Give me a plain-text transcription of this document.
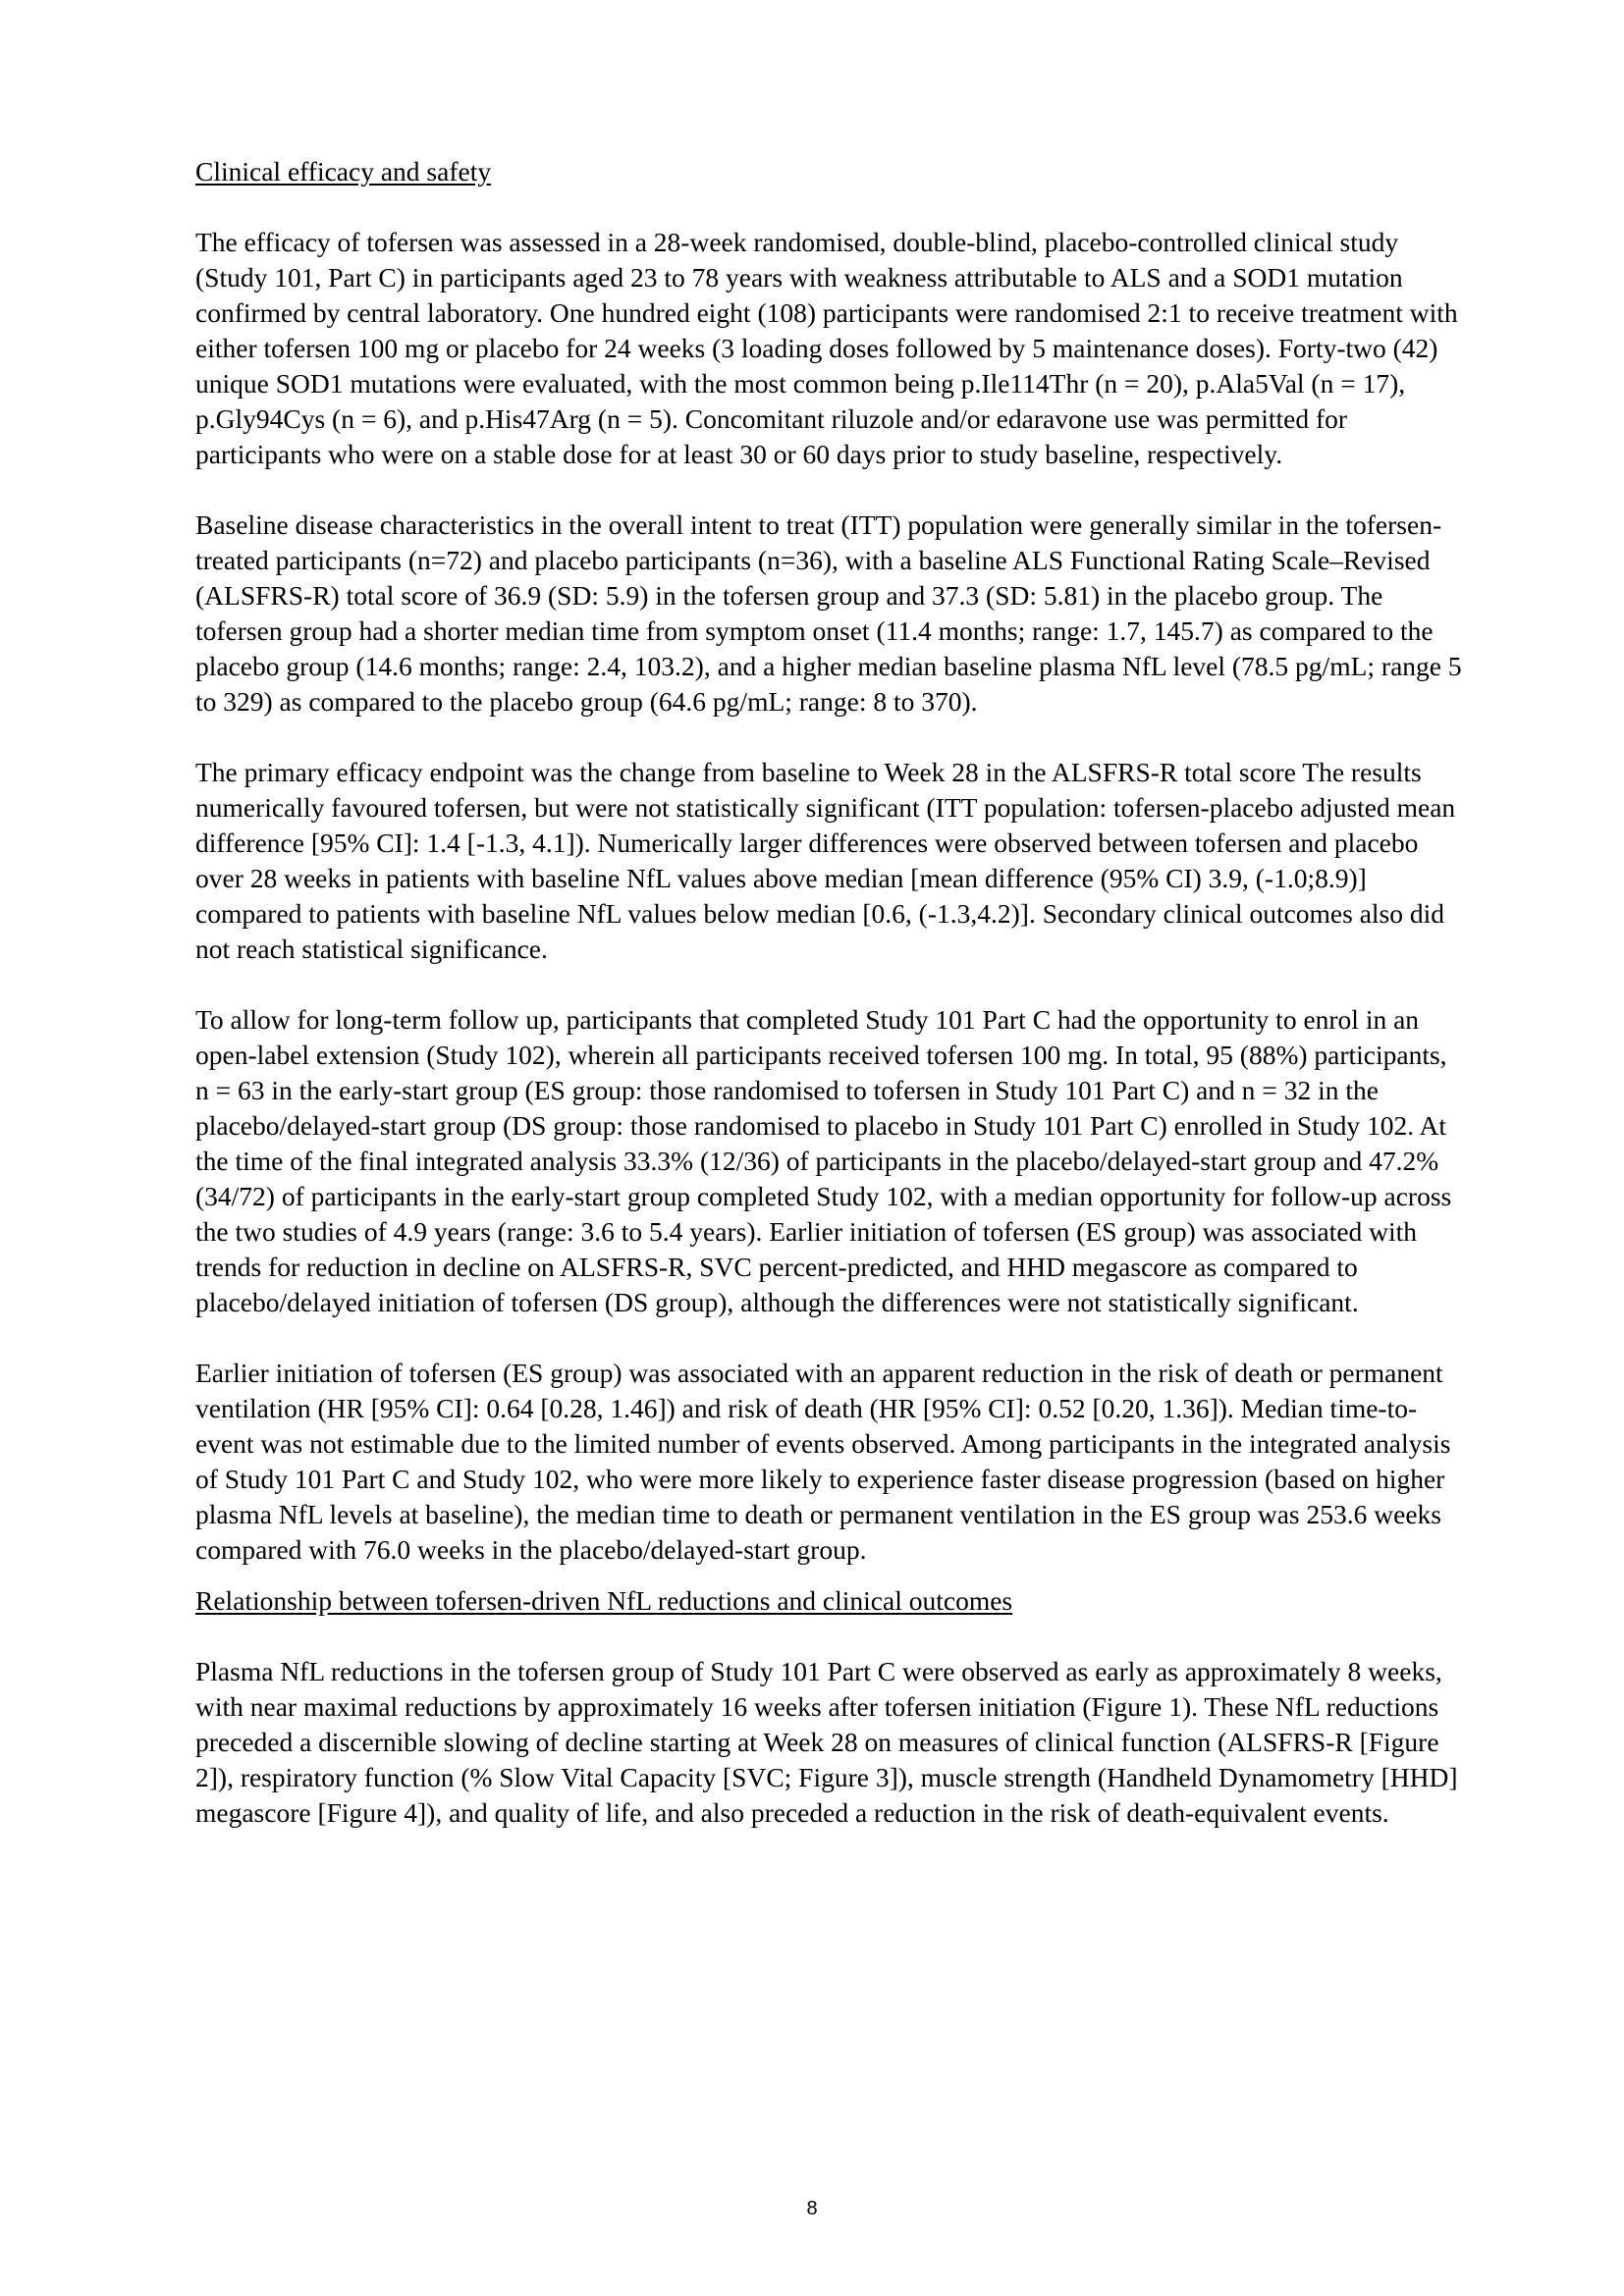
Clinical efficacy and safety

The efficacy of tofersen was assessed in a 28-week randomised, double-blind, placebo-controlled clinical study (Study 101, Part C) in participants aged 23 to 78 years with weakness attributable to ALS and a SOD1 mutation confirmed by central laboratory. One hundred eight (108) participants were randomised 2:1 to receive treatment with either tofersen 100 mg or placebo for 24 weeks (3 loading doses followed by 5 maintenance doses). Forty-two (42) unique SOD1 mutations were evaluated, with the most common being p.Ile114Thr (n = 20), p.Ala5Val (n = 17), p.Gly94Cys (n = 6), and p.His47Arg (n = 5). Concomitant riluzole and/or edaravone use was permitted for participants who were on a stable dose for at least 30 or 60 days prior to study baseline, respectively.

Baseline disease characteristics in the overall intent to treat (ITT) population were generally similar in the tofersen-treated participants (n=72) and placebo participants (n=36), with a baseline ALS Functional Rating Scale–Revised (ALSFRS-R) total score of 36.9 (SD: 5.9) in the tofersen group and 37.3 (SD: 5.81) in the placebo group. The tofersen group had a shorter median time from symptom onset (11.4 months; range: 1.7, 145.7) as compared to the placebo group (14.6 months; range: 2.4, 103.2), and a higher median baseline plasma NfL level (78.5 pg/mL; range 5 to 329) as compared to the placebo group (64.6 pg/mL; range: 8 to 370).

The primary efficacy endpoint was the change from baseline to Week 28 in the ALSFRS-R total score The results numerically favoured tofersen, but were not statistically significant (ITT population: tofersen-placebo adjusted mean difference [95% CI]: 1.4 [-1.3, 4.1]). Numerically larger differences were observed between tofersen and placebo over 28 weeks in patients with baseline NfL values above median [mean difference (95% CI) 3.9, (-1.0;8.9)] compared to patients with baseline NfL values below median [0.6, (-1.3,4.2)]. Secondary clinical outcomes also did not reach statistical significance.

To allow for long-term follow up, participants that completed Study 101 Part C had the opportunity to enrol in an open-label extension (Study 102), wherein all participants received tofersen 100 mg. In total, 95 (88%) participants, n = 63 in the early-start group (ES group: those randomised to tofersen in Study 101 Part C) and n = 32 in the placebo/delayed-start group (DS group: those randomised to placebo in Study 101 Part C) enrolled in Study 102. At the time of the final integrated analysis 33.3% (12/36) of participants in the placebo/delayed-start group and 47.2% (34/72) of participants in the early-start group completed Study 102, with a median opportunity for follow-up across the two studies of 4.9 years (range: 3.6 to 5.4 years). Earlier initiation of tofersen (ES group) was associated with trends for reduction in decline on ALSFRS-R, SVC percent-predicted, and HHD megascore as compared to placebo/delayed initiation of tofersen (DS group), although the differences were not statistically significant.

Earlier initiation of tofersen (ES group) was associated with an apparent reduction in the risk of death or permanent ventilation (HR [95% CI]: 0.64 [0.28, 1.46]) and risk of death (HR [95% CI]: 0.52 [0.20, 1.36]). Median time-to-event was not estimable due to the limited number of events observed. Among participants in the integrated analysis of Study 101 Part C and Study 102, who were more likely to experience faster disease progression (based on higher plasma NfL levels at baseline), the median time to death or permanent ventilation in the ES group was 253.6 weeks compared with 76.0 weeks in the placebo/delayed-start group.

Relationship between tofersen-driven NfL reductions and clinical outcomes

Plasma NfL reductions in the tofersen group of Study 101 Part C were observed as early as approximately 8 weeks, with near maximal reductions by approximately 16 weeks after tofersen initiation (Figure 1). These NfL reductions preceded a discernible slowing of decline starting at Week 28 on measures of clinical function (ALSFRS-R [Figure 2]), respiratory function (% Slow Vital Capacity [SVC; Figure 3]), muscle strength (Handheld Dynamometry [HHD] megascore [Figure 4]), and quality of life, and also preceded a reduction in the risk of death-equivalent events.

8
